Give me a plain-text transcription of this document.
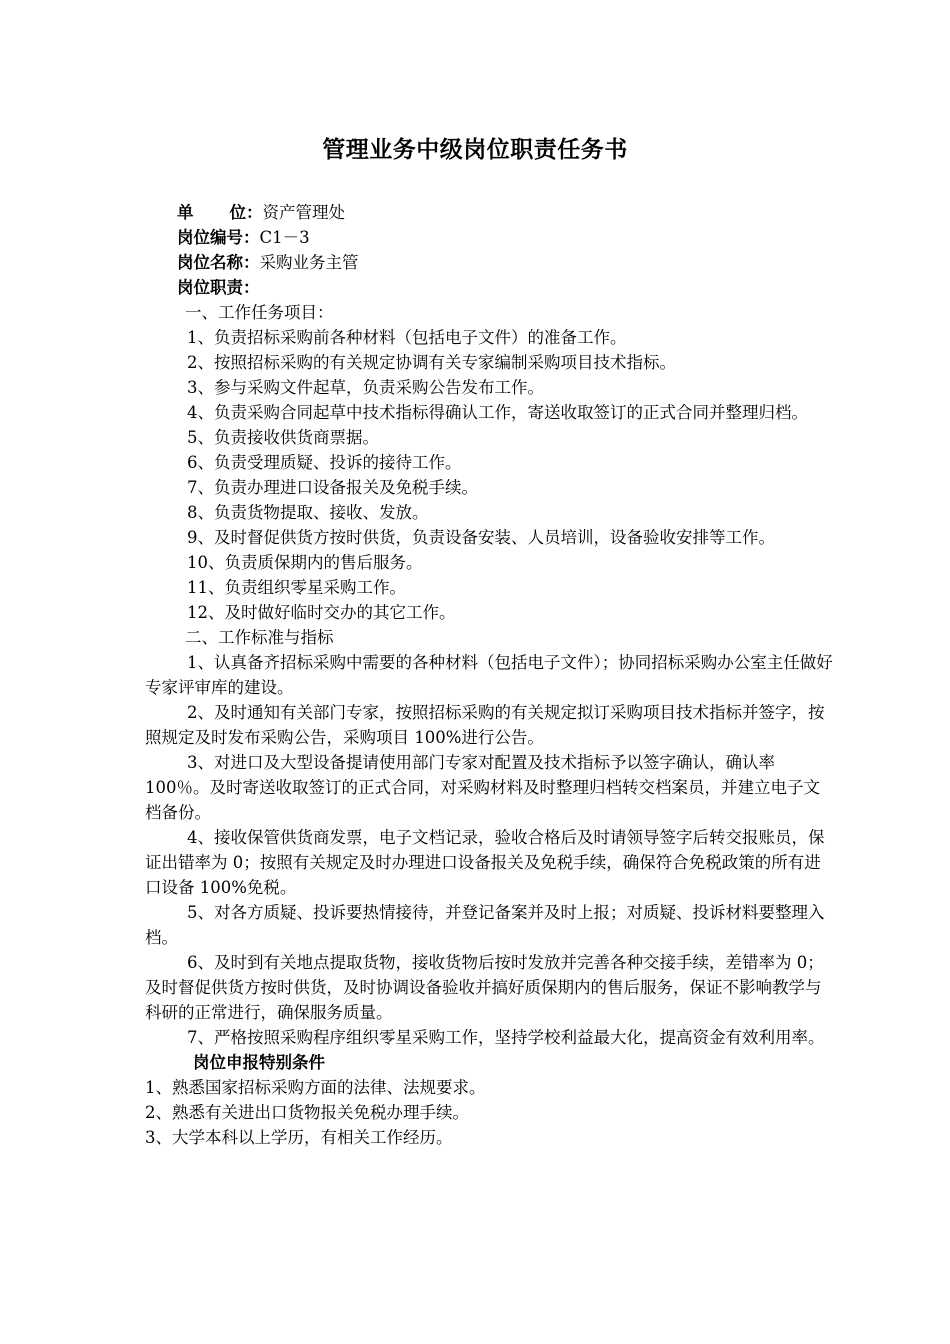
管理业务中级岗位职责任务书

单 位：资产管理处

岗位编号：C1－3

岗位名称：采购业务主管

岗位职责：

一、工作任务项目：

1、负责招标采购前各种材料（包括电子文件）的准备工作。

2、按照招标采购的有关规定协调有关专家编制采购项目技术指标。

3、参与采购文件起草，负责采购公告发布工作。

4、负责采购合同起草中技术指标得确认工作，寄送收取签订的正式合同并整理归档。

5、负责接收供货商票据。

6、负责受理质疑、投诉的接待工作。

7、负责办理进口设备报关及免税手续。

8、负责货物提取、接收、发放。

9、及时督促供货方按时供货，负责设备安装、人员培训，设备验收安排等工作。

10、负责质保期内的售后服务。

11、负责组织零星采购工作。

12、及时做好临时交办的其它工作。

二、工作标准与指标

1、认真备齐招标采购中需要的各种材料（包括电子文件）；协同招标采购办公室主任做好专家评审库的建设。

2、及时通知有关部门专家，按照招标采购的有关规定拟订采购项目技术指标并签字，按照规定及时发布采购公告，采购项目 100%进行公告。

3、对进口及大型设备提请使用部门专家对配置及技术指标予以签字确认，确认率 100％。及时寄送收取签订的正式合同，对采购材料及时整理归档转交档案员，并建立电子文档备份。

4、接收保管供货商发票，电子文档记录，验收合格后及时请领导签字后转交报账员，保证出错率为 0；按照有关规定及时办理进口设备报关及免税手续，确保符合免税政策的所有进口设备 100%免税。

5、对各方质疑、投诉要热情接待，并登记备案并及时上报；对质疑、投诉材料要整理入档。

6、及时到有关地点提取货物，接收货物后按时发放并完善各种交接手续，差错率为 0；及时督促供货方按时供货，及时协调设备验收并搞好质保期内的售后服务，保证不影响教学与科研的正常进行，确保服务质量。

7、严格按照采购程序组织零星采购工作，坚持学校利益最大化，提高资金有效利用率。

岗位申报特别条件

1、熟悉国家招标采购方面的法律、法规要求。

2、熟悉有关进出口货物报关免税办理手续。

3、大学本科以上学历，有相关工作经历。
